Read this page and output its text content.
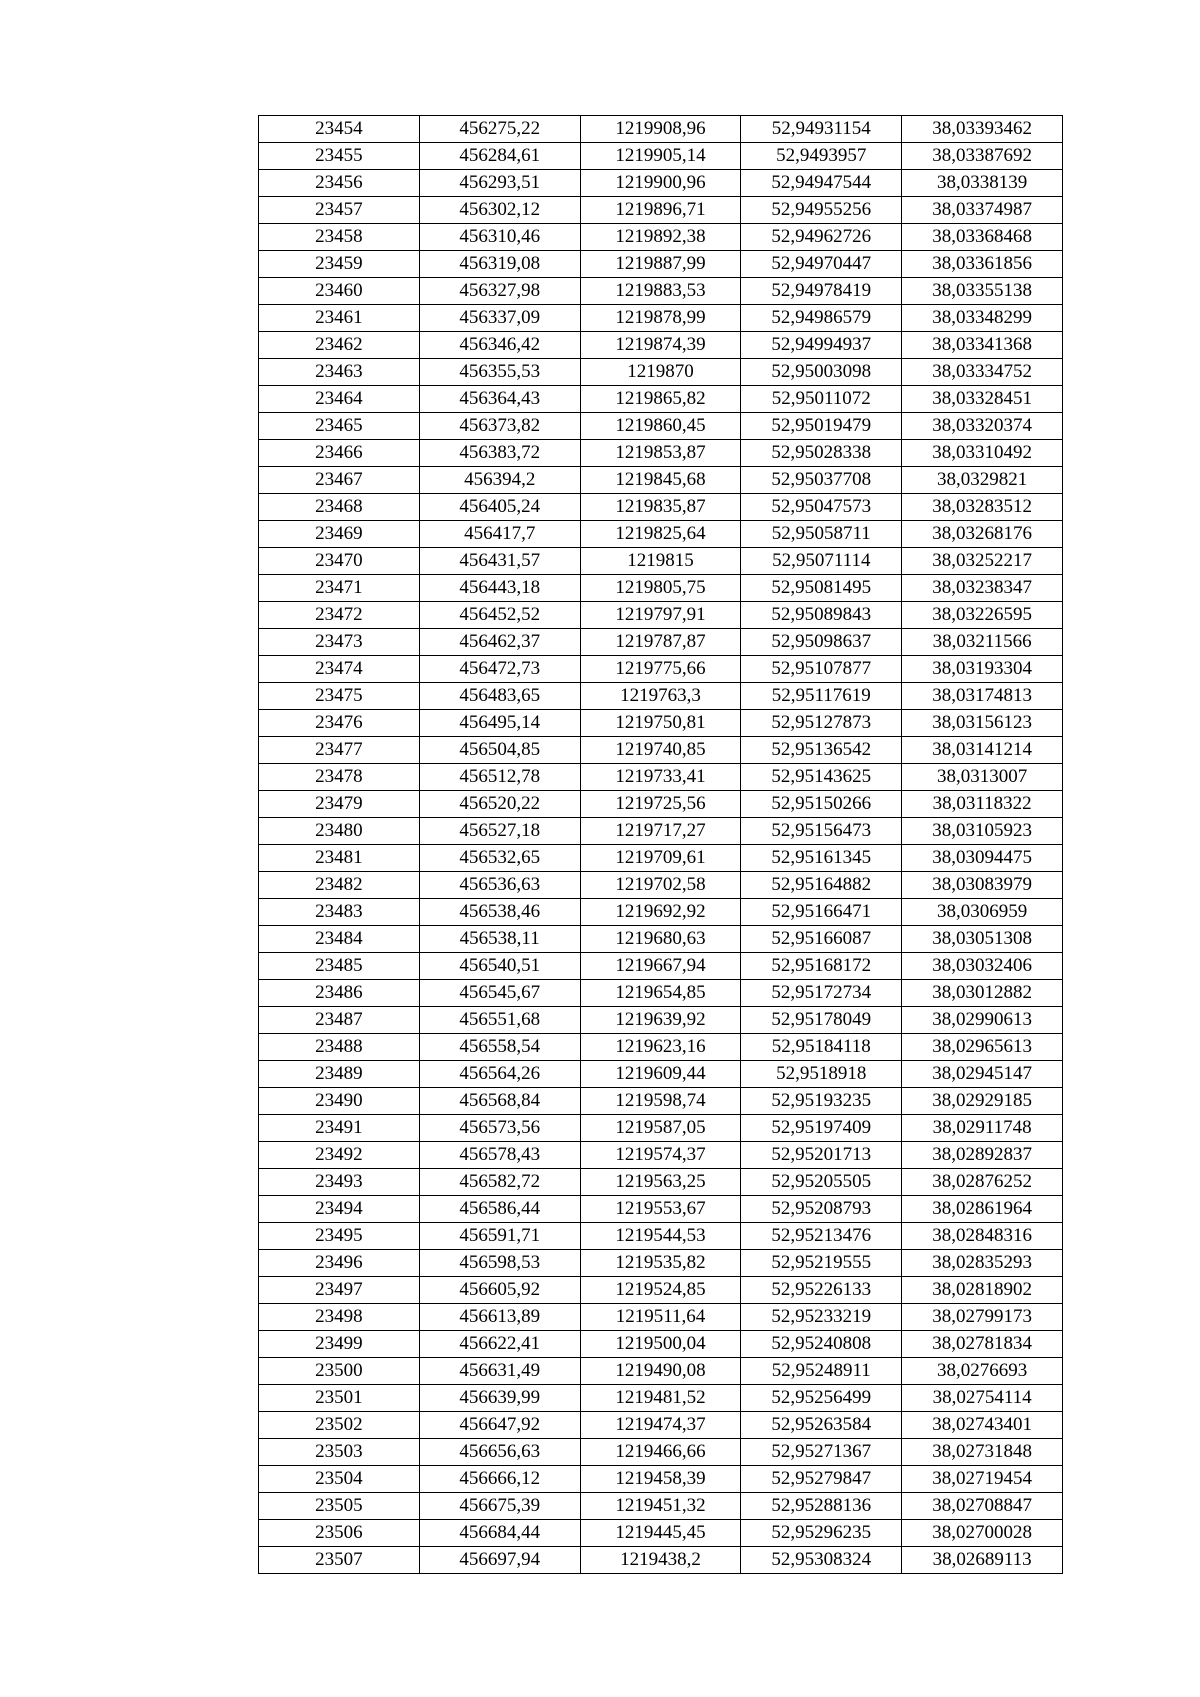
23454	456275,22	1219908,96	52,94931154	38,03393462
23455	456284,61	1219905,14	52,9493957	38,03387692
23456	456293,51	1219900,96	52,94947544	38,0338139
23457	456302,12	1219896,71	52,94955256	38,03374987
23458	456310,46	1219892,38	52,94962726	38,03368468
23459	456319,08	1219887,99	52,94970447	38,03361856
23460	456327,98	1219883,53	52,94978419	38,03355138
23461	456337,09	1219878,99	52,94986579	38,03348299
23462	456346,42	1219874,39	52,94994937	38,03341368
23463	456355,53	1219870	52,95003098	38,03334752
23464	456364,43	1219865,82	52,95011072	38,03328451
23465	456373,82	1219860,45	52,95019479	38,03320374
23466	456383,72	1219853,87	52,95028338	38,03310492
23467	456394,2	1219845,68	52,95037708	38,0329821
23468	456405,24	1219835,87	52,95047573	38,03283512
23469	456417,7	1219825,64	52,95058711	38,03268176
23470	456431,57	1219815	52,95071114	38,03252217
23471	456443,18	1219805,75	52,95081495	38,03238347
23472	456452,52	1219797,91	52,95089843	38,03226595
23473	456462,37	1219787,87	52,95098637	38,03211566
23474	456472,73	1219775,66	52,95107877	38,03193304
23475	456483,65	1219763,3	52,95117619	38,03174813
23476	456495,14	1219750,81	52,95127873	38,03156123
23477	456504,85	1219740,85	52,95136542	38,03141214
23478	456512,78	1219733,41	52,95143625	38,0313007
23479	456520,22	1219725,56	52,95150266	38,03118322
23480	456527,18	1219717,27	52,95156473	38,03105923
23481	456532,65	1219709,61	52,95161345	38,03094475
23482	456536,63	1219702,58	52,95164882	38,03083979
23483	456538,46	1219692,92	52,95166471	38,0306959
23484	456538,11	1219680,63	52,95166087	38,03051308
23485	456540,51	1219667,94	52,95168172	38,03032406
23486	456545,67	1219654,85	52,95172734	38,03012882
23487	456551,68	1219639,92	52,95178049	38,02990613
23488	456558,54	1219623,16	52,95184118	38,02965613
23489	456564,26	1219609,44	52,9518918	38,02945147
23490	456568,84	1219598,74	52,95193235	38,02929185
23491	456573,56	1219587,05	52,95197409	38,02911748
23492	456578,43	1219574,37	52,95201713	38,02892837
23493	456582,72	1219563,25	52,95205505	38,02876252
23494	456586,44	1219553,67	52,95208793	38,02861964
23495	456591,71	1219544,53	52,95213476	38,02848316
23496	456598,53	1219535,82	52,95219555	38,02835293
23497	456605,92	1219524,85	52,95226133	38,02818902
23498	456613,89	1219511,64	52,95233219	38,02799173
23499	456622,41	1219500,04	52,95240808	38,02781834
23500	456631,49	1219490,08	52,95248911	38,0276693
23501	456639,99	1219481,52	52,95256499	38,02754114
23502	456647,92	1219474,37	52,95263584	38,02743401
23503	456656,63	1219466,66	52,95271367	38,02731848
23504	456666,12	1219458,39	52,95279847	38,02719454
23505	456675,39	1219451,32	52,95288136	38,02708847
23506	456684,44	1219445,45	52,95296235	38,02700028
23507	456697,94	1219438,2	52,95308324	38,02689113
